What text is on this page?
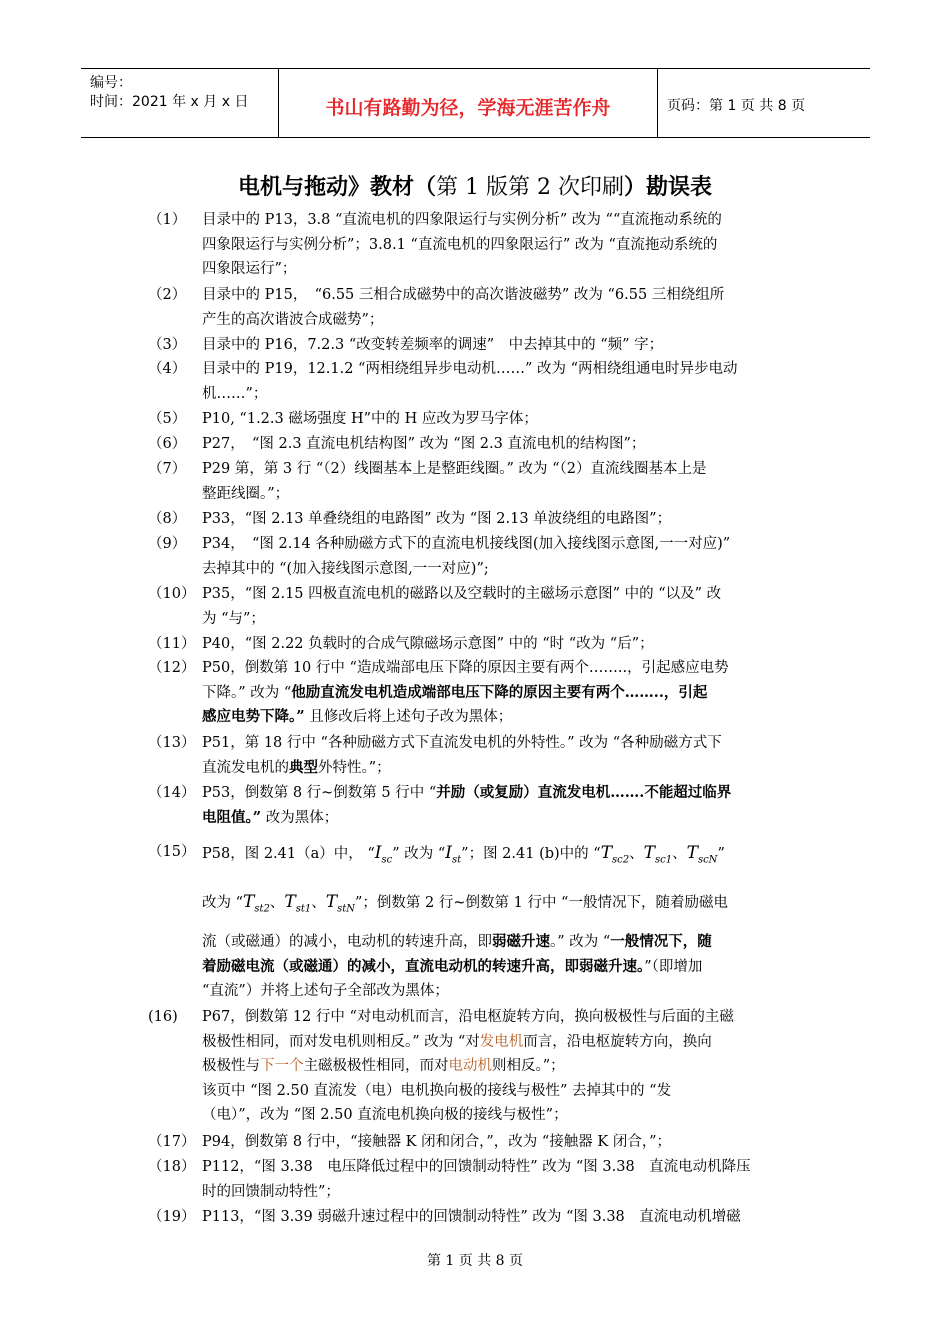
编号：
时间：2021 年 x 月 x 日	书山有路勤为径，学海无涯苦作舟	页码：第 1 页 共 8 页
电机与拖动》教材（第 1 版第 2 次印刷）勘误表
（1） 目录中的 P13，3.8 “直流电机的四象限运行与实例分析” 改为 ““直流拖动系统的
四象限运行与实例分析”；3.8.1 “直流电机的四象限运行” 改为 “直流拖动系统的
四象限运行”；
（2） 目录中的 P15，　“6.55 三相合成磁势中的高次谐波磁势” 改为 “6.55 三相绕组所
产生的高次谐波合成磁势”；
（3） 目录中的 P16，7.2.3 “改变转差频率的调速”　中去掉其中的 “频” 字；
（4） 目录中的 P19，12.1.2 “两相绕组异步电动机……” 改为 “两相绕组通电时异步电动
机……”；
（5） P10, “1.2.3 磁场强度 H”中的 H 应改为罗马字体；
（6） P27，　“图 2.3 直流电机结构图” 改为 “图 2.3 直流电机的结构图”；
（7） P29 第，第 3 行 “（2）线圈基本上是整距线圈。” 改为 “（2）直流线圈基本上是
整距线圈。”；
（8） P33，“图 2.13 单叠绕组的电路图” 改为 “图 2.13 单波绕组的电路图”；
（9） P34，　“图 2.14 各种励磁方式下的直流电机接线图(加入接线图示意图,一一对应)”
去掉其中的 “(加入接线图示意图,一一对应)”;
（10） P35，“图 2.15 四极直流电机的磁路以及空载时的主磁场示意图” 中的 “以及” 改
为 “与”；
（11） P40，“图 2.22 负载时的合成气隙磁场示意图” 中的 “时 “改为 “后”；
（12） P50，倒数第 10 行中 “造成端部电压下降的原因主要有两个……..，引起感应电势
下降。” 改为 “他励直流发电机造成端部电压下降的原因主要有两个……..，引起
感应电势下降。” 且修改后将上述句子改为黑体；
（13） P51，第 18 行中 “各种励磁方式下直流发电机的外特性。” 改为 “各种励磁方式下
直流发电机的典型外特性。”；
（14） P53，倒数第 8 行~倒数第 5 行中 “并励（或复励）直流发电机…….不能超过临界
电阻值。” 改为黑体；
（15） P58，图 2.41（a）中， “$I_{sc}$” 改为 “$I_{st}$”；图 2.41 (b)中的 “$T_{sc2}$、$T_{sc1}$、$T_{scN}$”
改为 “$T_{st2}$、$T_{st1}$、$T_{stN}$”；倒数第 2 行~倒数第 1 行中 “一般情况下，随着励磁电
流（或磁通）的减小，电动机的转速升高，即弱磁升速。” 改为 “一般情况下，随
着励磁电流（或磁通）的减小，直流电动机的转速升高，即弱磁升速。”（即增加
“直流”）并将上述句子全部改为黑体；
(16) P67，倒数第 12 行中 “对电动机而言，沿电枢旋转方向，换向极极性与后面的主磁
极极性相同，而对发电机则相反。” 改为 “对发电机而言，沿电枢旋转方向，换向
极极性与下一个主磁极极性相同，而对电动机则相反。”；
该页中 “图 2.50 直流发（电）电机换向极的接线与极性” 去掉其中的 “发
（电）”，改为 “图 2.50 直流电机换向极的接线与极性”；
（17） P94，倒数第 8 行中，“接触器 K 闭和闭合，”，改为 “接触器 K 闭合，”；
（18） P112，“图 3.38　电压降低过程中的回馈制动特性” 改为 “图 3.38　直流电动机降压
时的回馈制动特性”；
（19） P113，“图 3.39 弱磁升速过程中的回馈制动特性” 改为 “图 3.38　直流电动机增磁
第 1 页 共 8 页
